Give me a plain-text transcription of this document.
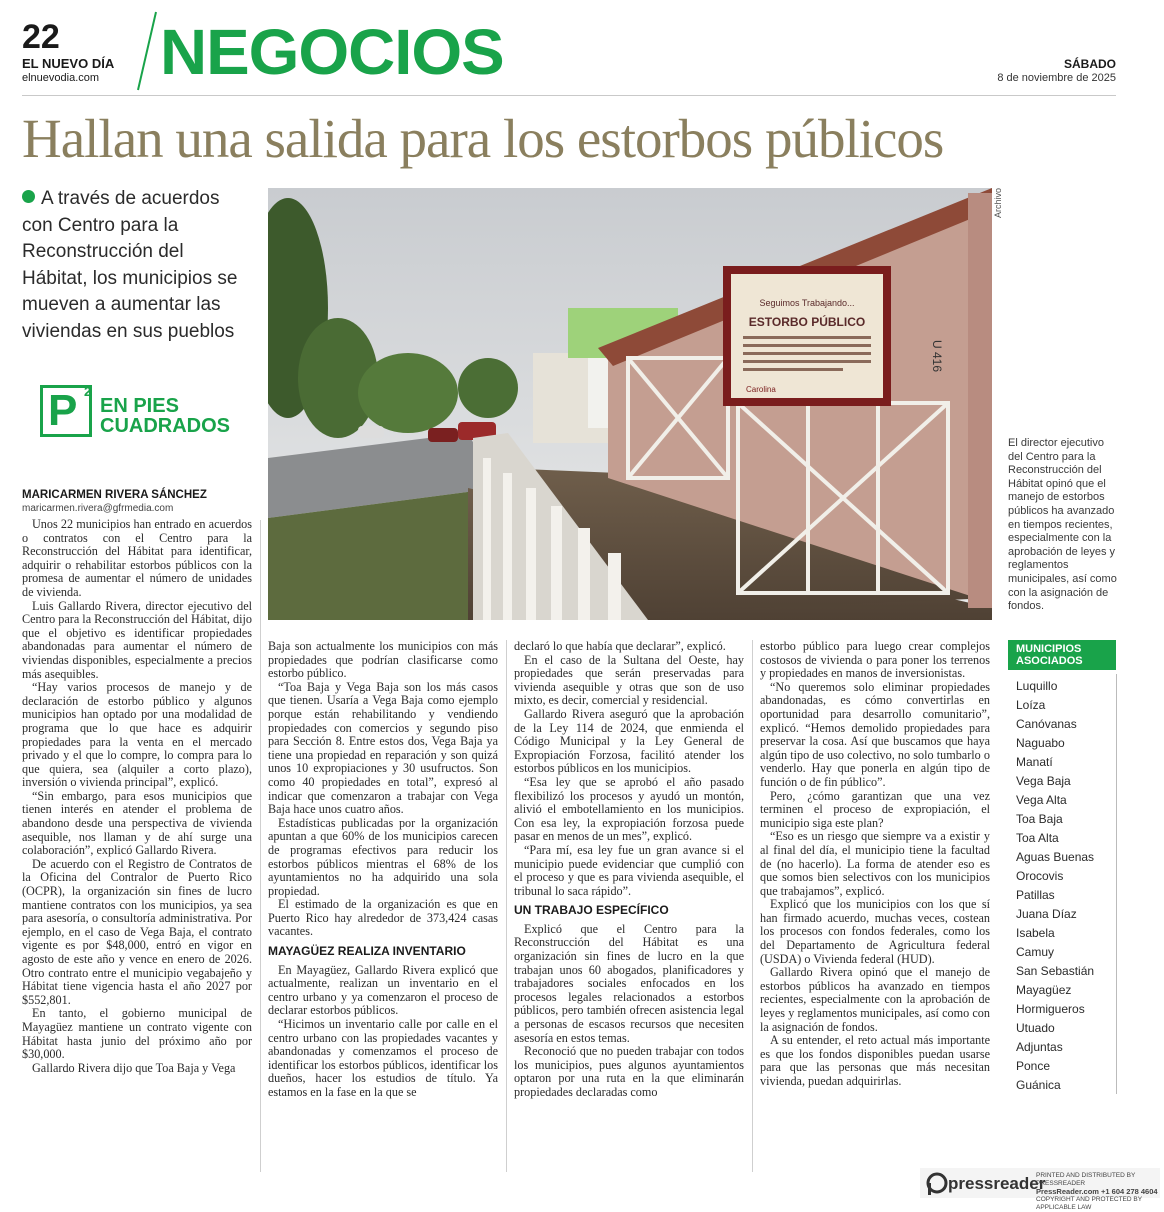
22
EL NUEVO DÍA
elnuevodia.com NEGOCIOS	SÁBADO
8 de noviembre de 2025
Hallan una salida para los estorbos públicos
A través de acuerdos con Centro para la Reconstrucción del Hábitat, los municipios se mueven a aumentar las viviendas en sus pueblos
P 2
EN PIES
CUADRADOS
MARICARMEN RIVERA SÁNCHEZ
maricarmen.rivera@gfrmedia.com
Seguimos Trabajando...
ESTORBO PÚBLICO
Carolina
U 416
Archivo
El director ejecutivo del Centro para la Reconstrucción del Hábitat opinó que el manejo de estorbos públicos ha avanzado en tiempos recientes, especialmente con la aprobación de leyes y reglamentos municipales, así como con la asignación de fondos.

Unos 22 municipios han entrado en acuerdos o contratos con el Centro para la Reconstrucción del Hábitat para identificar, adquirir o rehabilitar estorbos públicos con la promesa de aumentar el número de unidades de vivienda.

Luis Gallardo Rivera, director ejecutivo del Centro para la Reconstrucción del Hábitat, dijo que el objetivo es identificar propiedades abandonadas para aumentar el número de viviendas disponibles, especialmente a precios más asequibles.

“Hay varios procesos de manejo y de declaración de estorbo público y algunos municipios han optado por una modalidad de programa que lo que hace es adquirir propiedades para la venta en el mercado privado y el que lo compre, lo compra para lo que quiera, sea (alquiler a corto plazo), inversión o vivienda principal”, explicó.

“Sin embargo, para esos municipios que tienen interés en atender el problema de abandono desde una perspectiva de vivienda asequible, nos llaman y de ahí surge una colaboración”, explicó Gallardo Rivera.

De acuerdo con el Registro de Contratos de la Oficina del Contralor de Puerto Rico (OCPR), la organización sin fines de lucro mantiene contratos con los municipios, ya sea para asesoría, o consultoría administrativa. Por ejemplo, en el caso de Vega Baja, el contrato vigente es por $48,000, entró en vigor en agosto de este año y vence en enero de 2026. Otro contrato entre el municipio vegabajeño y Hábitat tiene vigencia hasta el año 2027 por $552,801.

En tanto, el gobierno municipal de Mayagüez mantiene un contrato vigente con Hábitat hasta junio del próximo año por $30,000.

Gallardo Rivera dijo que Toa Baja y Vega

Baja son actualmente los municipios con más propiedades que podrían clasificarse como estorbo público.

“Toa Baja y Vega Baja son los más casos que tienen. Usaría a Vega Baja como ejemplo porque están rehabilitando y vendiendo propiedades con comercios y segundo piso para Sección 8. Entre estos dos, Vega Baja ya tiene una propiedad en reparación y son quizá unos 10 expropiaciones y 30 usufructos. Son como 40 propiedades en total”, expresó al indicar que comenzaron a trabajar con Vega Baja hace unos cuatro años.

Estadísticas publicadas por la organización apuntan a que 60% de los municipios carecen de programas efectivos para reducir los estorbos públicos mientras el 68% de los ayuntamientos no ha adquirido una sola propiedad.

El estimado de la organización es que en Puerto Rico hay alrededor de 373,424 casas vacantes.

MAYAGÜEZ REALIZA INVENTARIO

En Mayagüez, Gallardo Rivera explicó que actualmente, realizan un inventario en el centro urbano y ya comenzaron el proceso de declarar estorbos públicos.

“Hicimos un inventario calle por calle en el centro urbano con las propiedades vacantes y abandonadas y comenzamos el proceso de identificar los estorbos públicos, identificar los dueños, hacer los estudios de título. Ya estamos en la fase en la que se

declaró lo que había que declarar”, explicó.

En el caso de la Sultana del Oeste, hay propiedades que serán preservadas para vivienda asequible y otras que son de uso mixto, es decir, comercial y residencial.

Gallardo Rivera aseguró que la aprobación de la Ley 114 de 2024, que enmienda el Código Municipal y la Ley General de Expropiación Forzosa, facilitó atender los estorbos públicos en los municipios.

“Esa ley que se aprobó el año pasado flexibilizó los procesos y ayudó un montón, alivió el embotellamiento en los municipios. Con esa ley, la expropiación forzosa puede pasar en menos de un mes”, explicó.

“Para mí, esa ley fue un gran avance si el municipio puede evidenciar que cumplió con el proceso y que es para vivienda asequible, el tribunal lo saca rápido”.

UN TRABAJO ESPECÍFICO

Explicó que el Centro para la Reconstrucción del Hábitat es una organización sin fines de lucro en la que trabajan unos 60 abogados, planificadores y trabajadores sociales enfocados en los procesos legales relacionados a estorbos públicos, pero también ofrecen asistencia legal a personas de escasos recursos que necesiten asesoría en estos temas.

Reconoció que no pueden trabajar con todos los municipios, pues algunos ayuntamientos optaron por una ruta en la que eliminarán propiedades declaradas como

estorbo público para luego crear complejos costosos de vivienda o para poner los terrenos y propiedades en manos de inversionistas.

“No queremos solo eliminar propiedades abandonadas, es cómo convertirlas en oportunidad para desarrollo comunitario”, explicó. “Hemos demolido propiedades para preservar la cosa. Así que buscamos que haya algún tipo de uso colectivo, no solo tumbarlo o venderlo. Hay que ponerla en algún tipo de función o de fin público”.

Pero, ¿cómo garantizan que una vez terminen el proceso de expropiación, el municipio siga este plan?

“Eso es un riesgo que siempre va a existir y al final del día, el municipio tiene la facultad de (no hacerlo). La forma de atender eso es que somos bien selectivos con los municipios que trabajamos”, explicó.

Explicó que los municipios con los que sí han firmado acuerdo, muchas veces, costean los procesos con fondos federales, como los del Departamento de Agricultura federal (USDA) o Vivienda federal (HUD).

Gallardo Rivera opinó que el manejo de estorbos públicos ha avanzado en tiempos recientes, especialmente con la aprobación de leyes y reglamentos municipales, así como con la asignación de fondos.

A su entender, el reto actual más importante es que los fondos disponibles puedan usarse para que las personas que más necesitan vivienda, puedan adquirirlas.

MUNICIPIOS ASOCIADOS
Luquillo
Loíza
Canóvanas
Naguabo
Manatí
Vega Baja
Vega Alta
Toa Baja
Toa Alta
Aguas Buenas
Orocovis
Patillas
Juana Díaz
Isabela
Camuy
San Sebastián
Mayagüez
Hormigueros
Utuado
Adjuntas
Ponce
Guánica
pressreader
PRINTED AND DISTRIBUTED BY PRESSREADER
PressReader.com +1 604 278 4604
COPYRIGHT AND PROTECTED BY APPLICABLE LAW
